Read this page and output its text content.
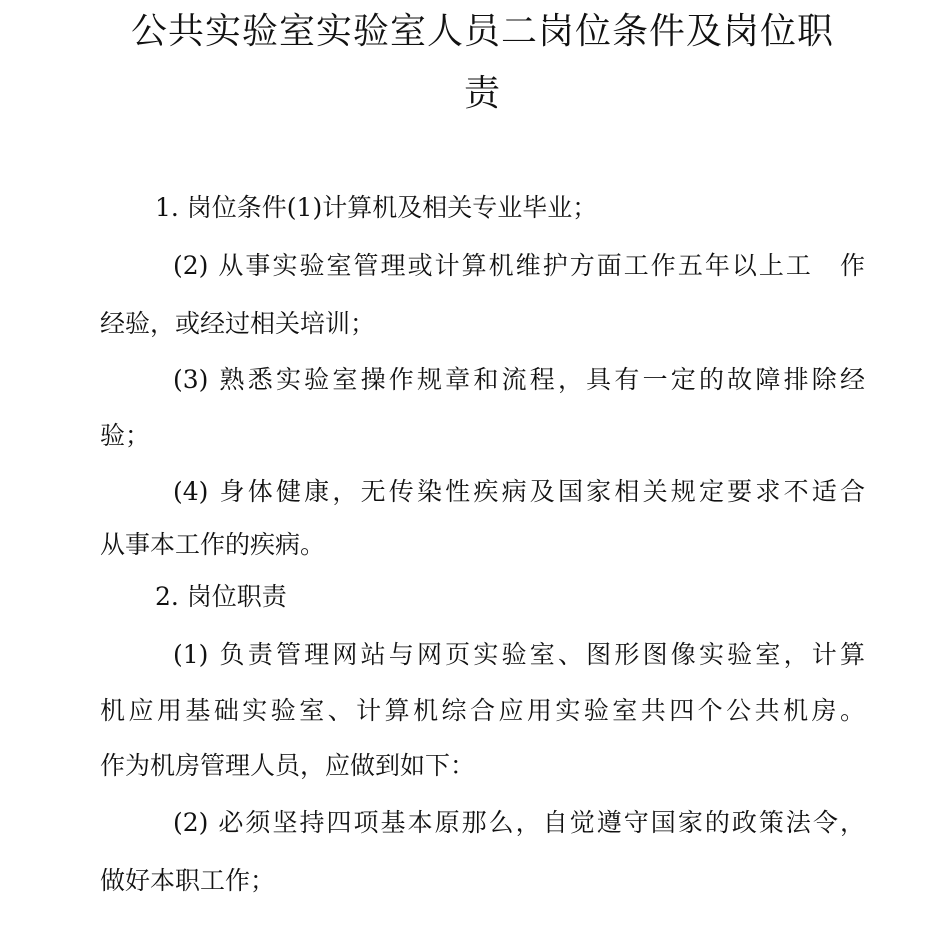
公共实验室实验室人员二岗位条件及岗位职
责

1. 岗位条件(1)计算机及相关专业毕业；

(2) 从事实验室管理或计算机维护方面工作五年以上工　作

经验，或经过相关培训；

(3) 熟悉实验室操作规章和流程，具有一定的故障排除经

验；

(4) 身体健康，无传染性疾病及国家相关规定要求不适合

从事本工作的疾病。

2. 岗位职责

(1) 负责管理网站与网页实验室、图形图像实验室，计算

机应用基础实验室、计算机综合应用实验室共四个公共机房。

作为机房管理人员，应做到如下：

(2) 必须坚持四项基本原那么，自觉遵守国家的政策法令，

做好本职工作；
